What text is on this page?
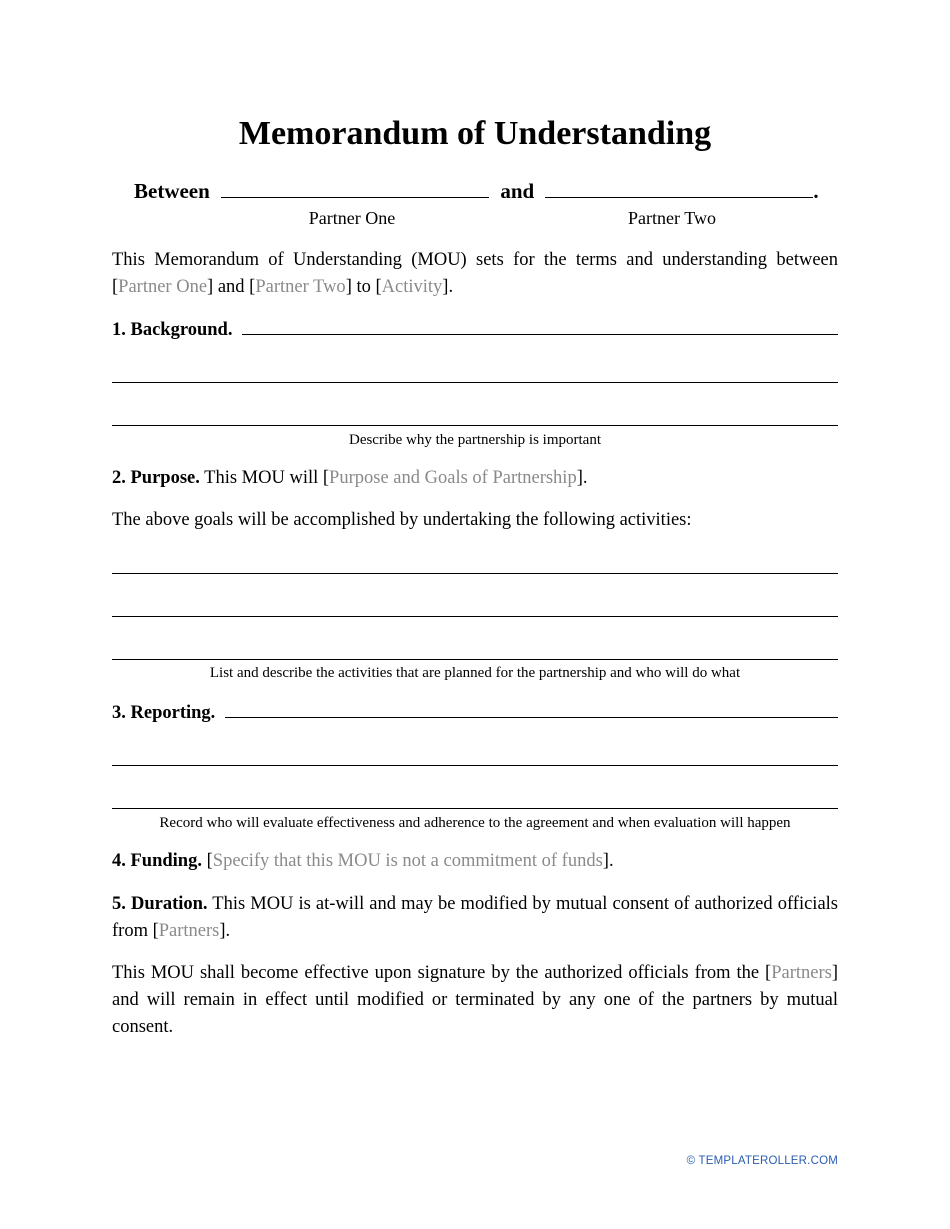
Memorandum of Understanding
Between	and	.
Partner One	Partner Two
This Memorandum of Understanding (MOU) sets for the terms and understanding between [Partner One] and [Partner Two] to [Activity].
1. Background.
Describe why the partnership is important
2. Purpose. This MOU will [Purpose and Goals of Partnership].
The above goals will be accomplished by undertaking the following activities:
List and describe the activities that are planned for the partnership and who will do what
3. Reporting.
Record who will evaluate effectiveness and adherence to the agreement and when evaluation will happen
4. Funding. [Specify that this MOU is not a commitment of funds].
5. Duration. This MOU is at-will and may be modified by mutual consent of authorized officials from [Partners].
This MOU shall become effective upon signature by the authorized officials from the [Partners] and will remain in effect until modified or terminated by any one of the partners by mutual consent.
© TEMPLATEROLLER.COM
